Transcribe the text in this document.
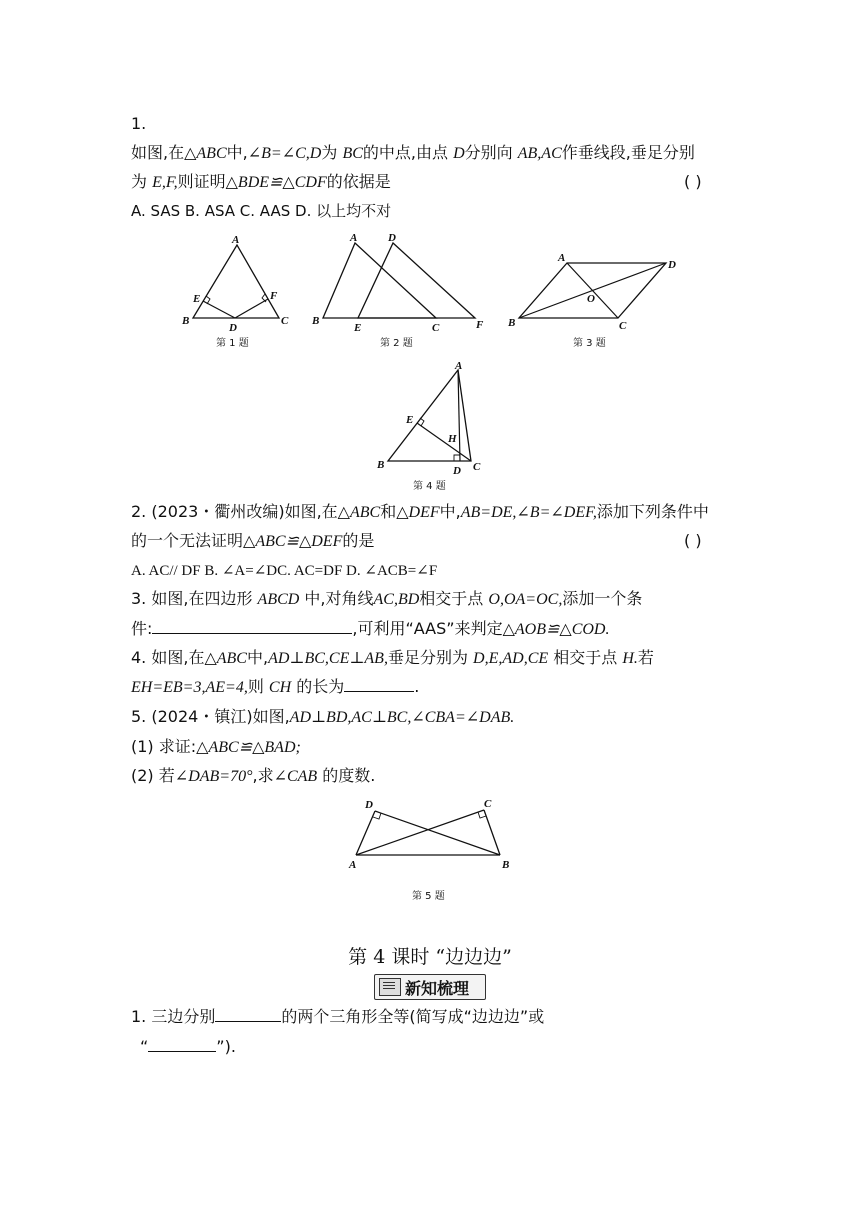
1.
如图,在△ABC中,∠B=∠C,D为 BC的中点,由点 D分别向 AB,AC作垂线段,垂足分别
为 E,F,则证明△BDE≌△CDF的依据是	( )
A. SAS B. ASA C. AAS D. 以上均不对
A
B	C
D
E	F
第 1 题
A	D
B
E	C	F
第 2 题
A
D
B	C
O
第 3 题
A
E
H
B	D C
第 4 题
2. (2023・衢州改编)如图,在△ABC和△DEF中,AB=DE,∠B=∠DEF,添加下列条件中
的一个无法证明△ABC≌△DEF的是	( )
A. AC// DF B. ∠A=∠DC. AC=DF D. ∠ACB=∠F
3. 如图,在四边形 ABCD 中,对角线AC,BD相交于点 O,OA=OC,添加一个条
件:	,可利用“AAS”来判定△AOB≌△COD.
4. 如图,在△ABC中,AD⊥BC,CE⊥AB,垂足分别为 D,E,AD,CE 相交于点 H.若
EH=EB=3,AE=4,则 CH 的长为	.
5. (2024・镇江)如图,AD⊥BD,AC⊥BC,∠CBA=∠DAB.
(1) 求证:△ABC≌△BAD;
(2) 若∠DAB=70°,求∠CAB 的度数.
D	C
A	B
第 5 题
第 4 课时 “边边边”
新知梳理
1. 三边分别	的两个三角形全等(简写成“边边边”或
“	”).
